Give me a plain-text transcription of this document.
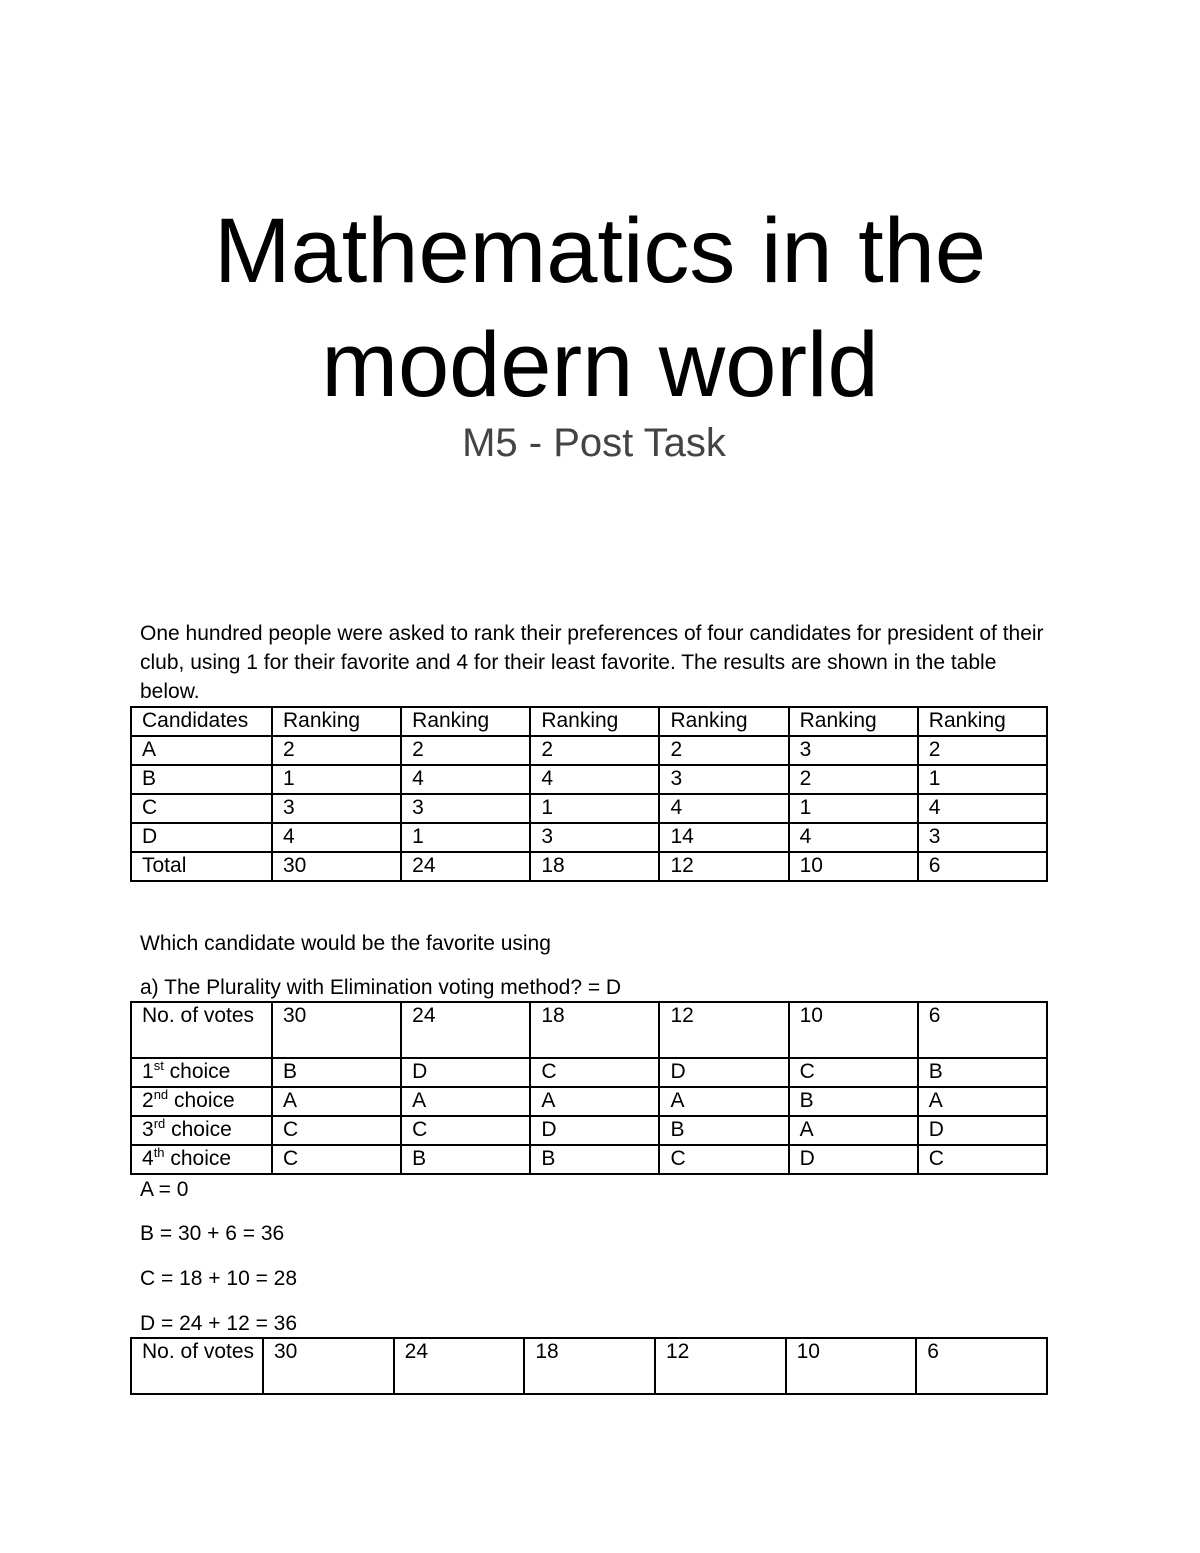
Mathematics in the
modern world

M5 - Post Task

One hundred people were asked to rank their preferences of four candidates for president of their club, using 1 for their favorite and 4 for their least favorite. The results are shown in the table below.

Candidates	Ranking	Ranking	Ranking	Ranking	Ranking	Ranking
A	2	2	2	2	3	2
B	1	4	4	3	2	1
C	3	3	1	4	1	4
D	4	1	3	14	4	3
Total	30	24	18	12	10	6

Which candidate would be the favorite using

a) The Plurality with Elimination voting method? = D

No. of votes	30	24	18	12	10	6
1st choice	B	D	C	D	C	B
2nd choice	A	A	A	A	B	A
3rd choice	C	C	D	B	A	D
4th choice	C	B	B	C	D	C

A = 0

B = 30 + 6 = 36

C = 18 + 10 = 28

D = 24 + 12 = 36

No. of votes	30	24	18	12	10	6
